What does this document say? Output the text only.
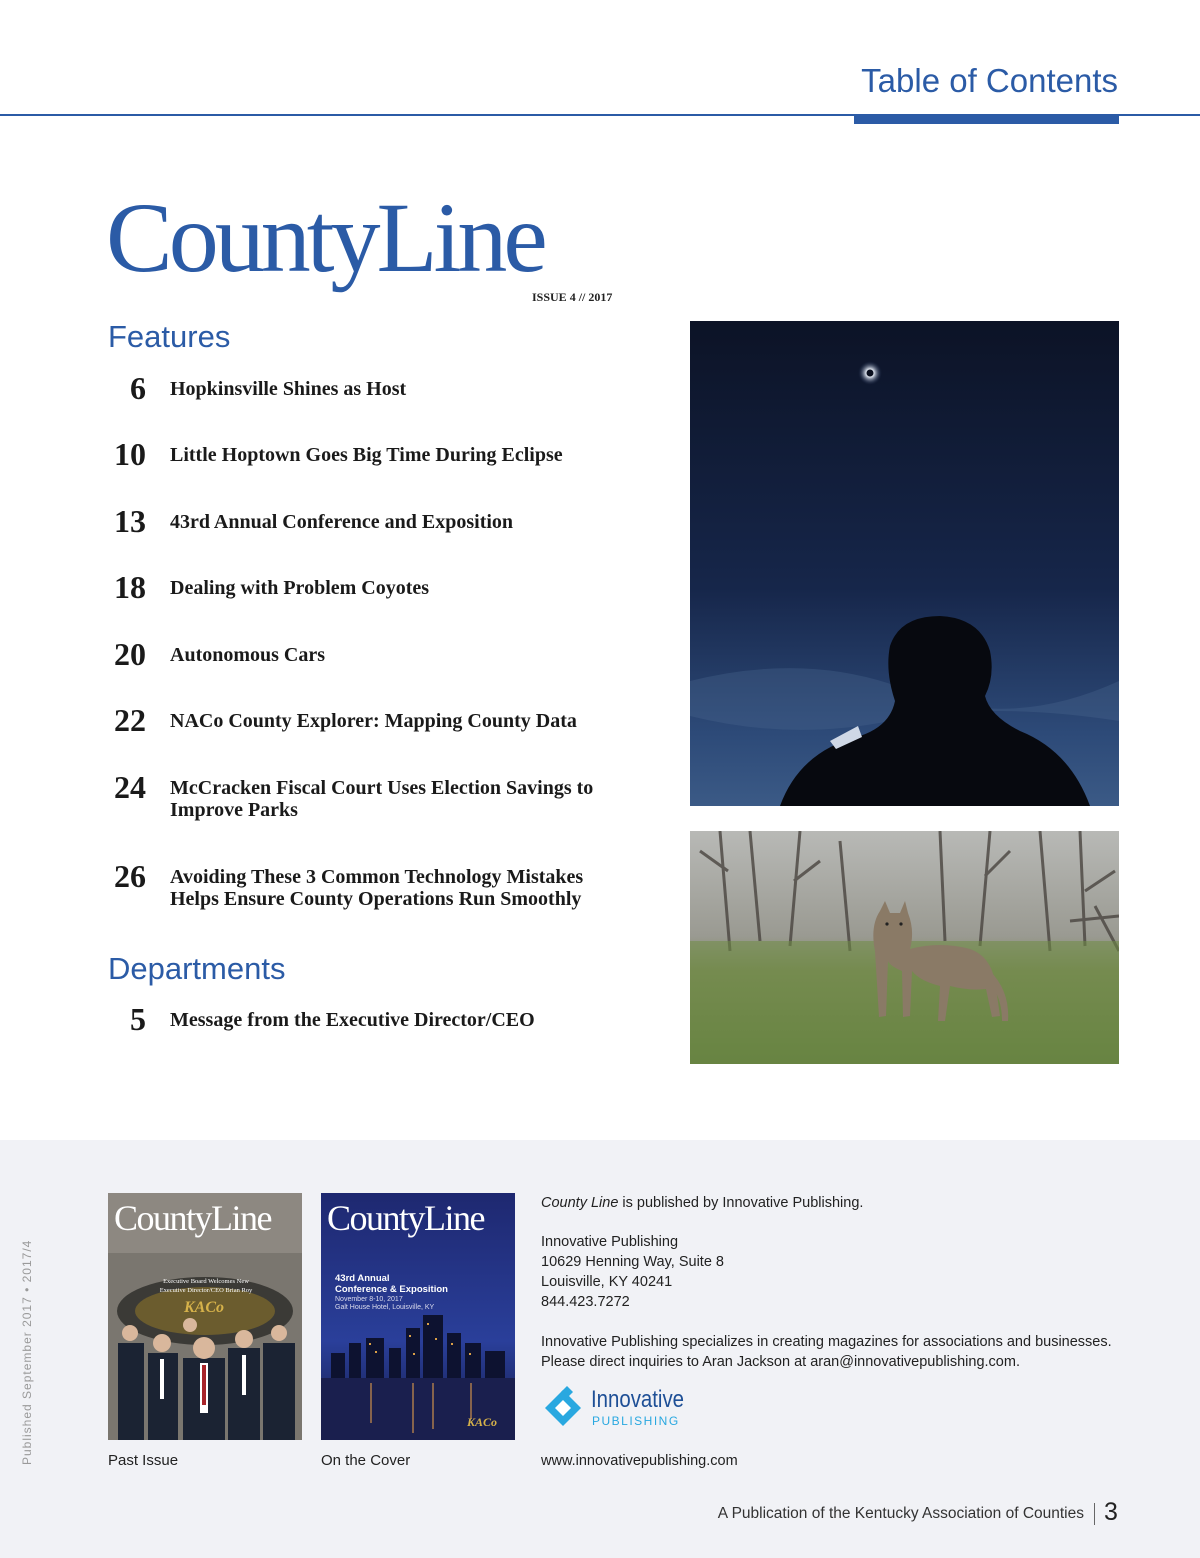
Table of Contents
CountyLine
ISSUE 4 // 2017
Features
6 Hopkinsville Shines as Host
10 Little Hoptown Goes Big Time During Eclipse
13 43rd Annual Conference and Exposition
18 Dealing with Problem Coyotes
20 Autonomous Cars
22 NACo County Explorer: Mapping County Data
24 McCracken Fiscal Court Uses Election Savings to Improve Parks
26 Avoiding These 3 Common Technology Mistakes Helps Ensure County Operations Run Smoothly
Departments
5 Message from the Executive Director/CEO
Published September 2017 • 2017/4
CountyLine
Executive Board Welcomes New Executive Director/CEO Brian Roy
KACo
Past Issue
CountyLine
43rd Annual
Conference & Exposition
November 8-10, 2017
Galt House Hotel, Louisville, KY
KACo
On the Cover
County Line is published by Innovative Publishing.
Innovative Publishing
10629 Henning Way, Suite 8
Louisville, KY 40241
844.423.7272
Innovative Publishing specializes in creating magazines for associations and businesses.
Please direct inquiries to Aran Jackson at aran@innovativepublishing.com.
Innovative
PUBLISHING
www.innovativepublishing.com
A Publication of the Kentucky Association of Counties 3
